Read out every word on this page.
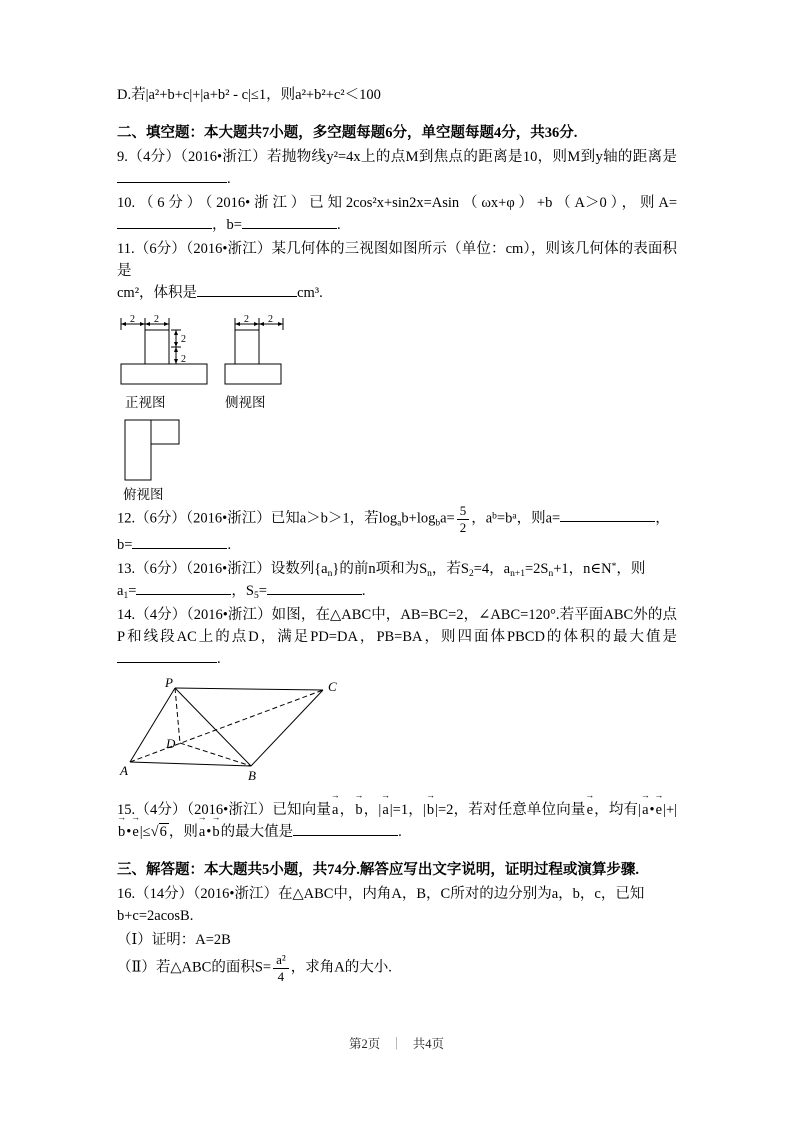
D.若|a²+b+c|+|a+b² - c|≤1，则a²+b²+c²＜100

二、填空题：本大题共7小题，多空题每题6分，单空题每题4分，共36分.

9.（4分）（2016•浙江）若抛物线y²=4x上的点M到焦点的距离是10，则M到y轴的距离是.

10.（6分）（2016•浙江）已知2cos²x+sin2x=Asin（ωx+φ）+b（A＞0），则A=，b=	.

11.（6分）（2016•浙江）某几何体的三视图如图所示（单位：cm），则该几何体的表面积是
cm²，体积是	cm³.

2 2
2
2
2 2
正视图	侧视图
俯视图

12.（6分）（2016•浙江）已知a＞b＞1，若$\log_ab+\log_ba= \frac{5}{2}$ ，$a^b=b^a$，则a=	，
b=	.

13.（6分）（2016•浙江）设数列$\{a_n\}$的前n项和为$S_n$，若$S_2=4$，$a_{n+1}=2S_n+1$，n∈N*，则
$a_1=$	，$S_5=$	.

14.（4分）（2016•浙江）如图，在△ABC中，AB=BC=2，∠ABC=120°.若平面ABC外的点P和线段AC上的点D，满足PD=DA，PB=BA，则四面体PBCD的体积的最大值是.

P	C
D
A	B

15.（4分）（2016•浙江）已知向量a →，b →，|a →|=1，|b →|=2，若对任意单位向量e →，均有|a →•e →|+|b →•e →|≤√6 ，则a →•b →的最大值是	.

三、解答题：本大题共5小题，共74分.解答应写出文字说明，证明过程或演算步骤.

16.（14分）（2016•浙江）在△ABC中，内角A，B，C所对的边分别为a，b，c，已知
b+c=2acosB.

（Ⅰ）证明：A=2B

（Ⅱ）若△ABC的面积$S= \frac{\text{a²}}{4}$ ，求角A的大小.

第2页 ｜ 共4页
